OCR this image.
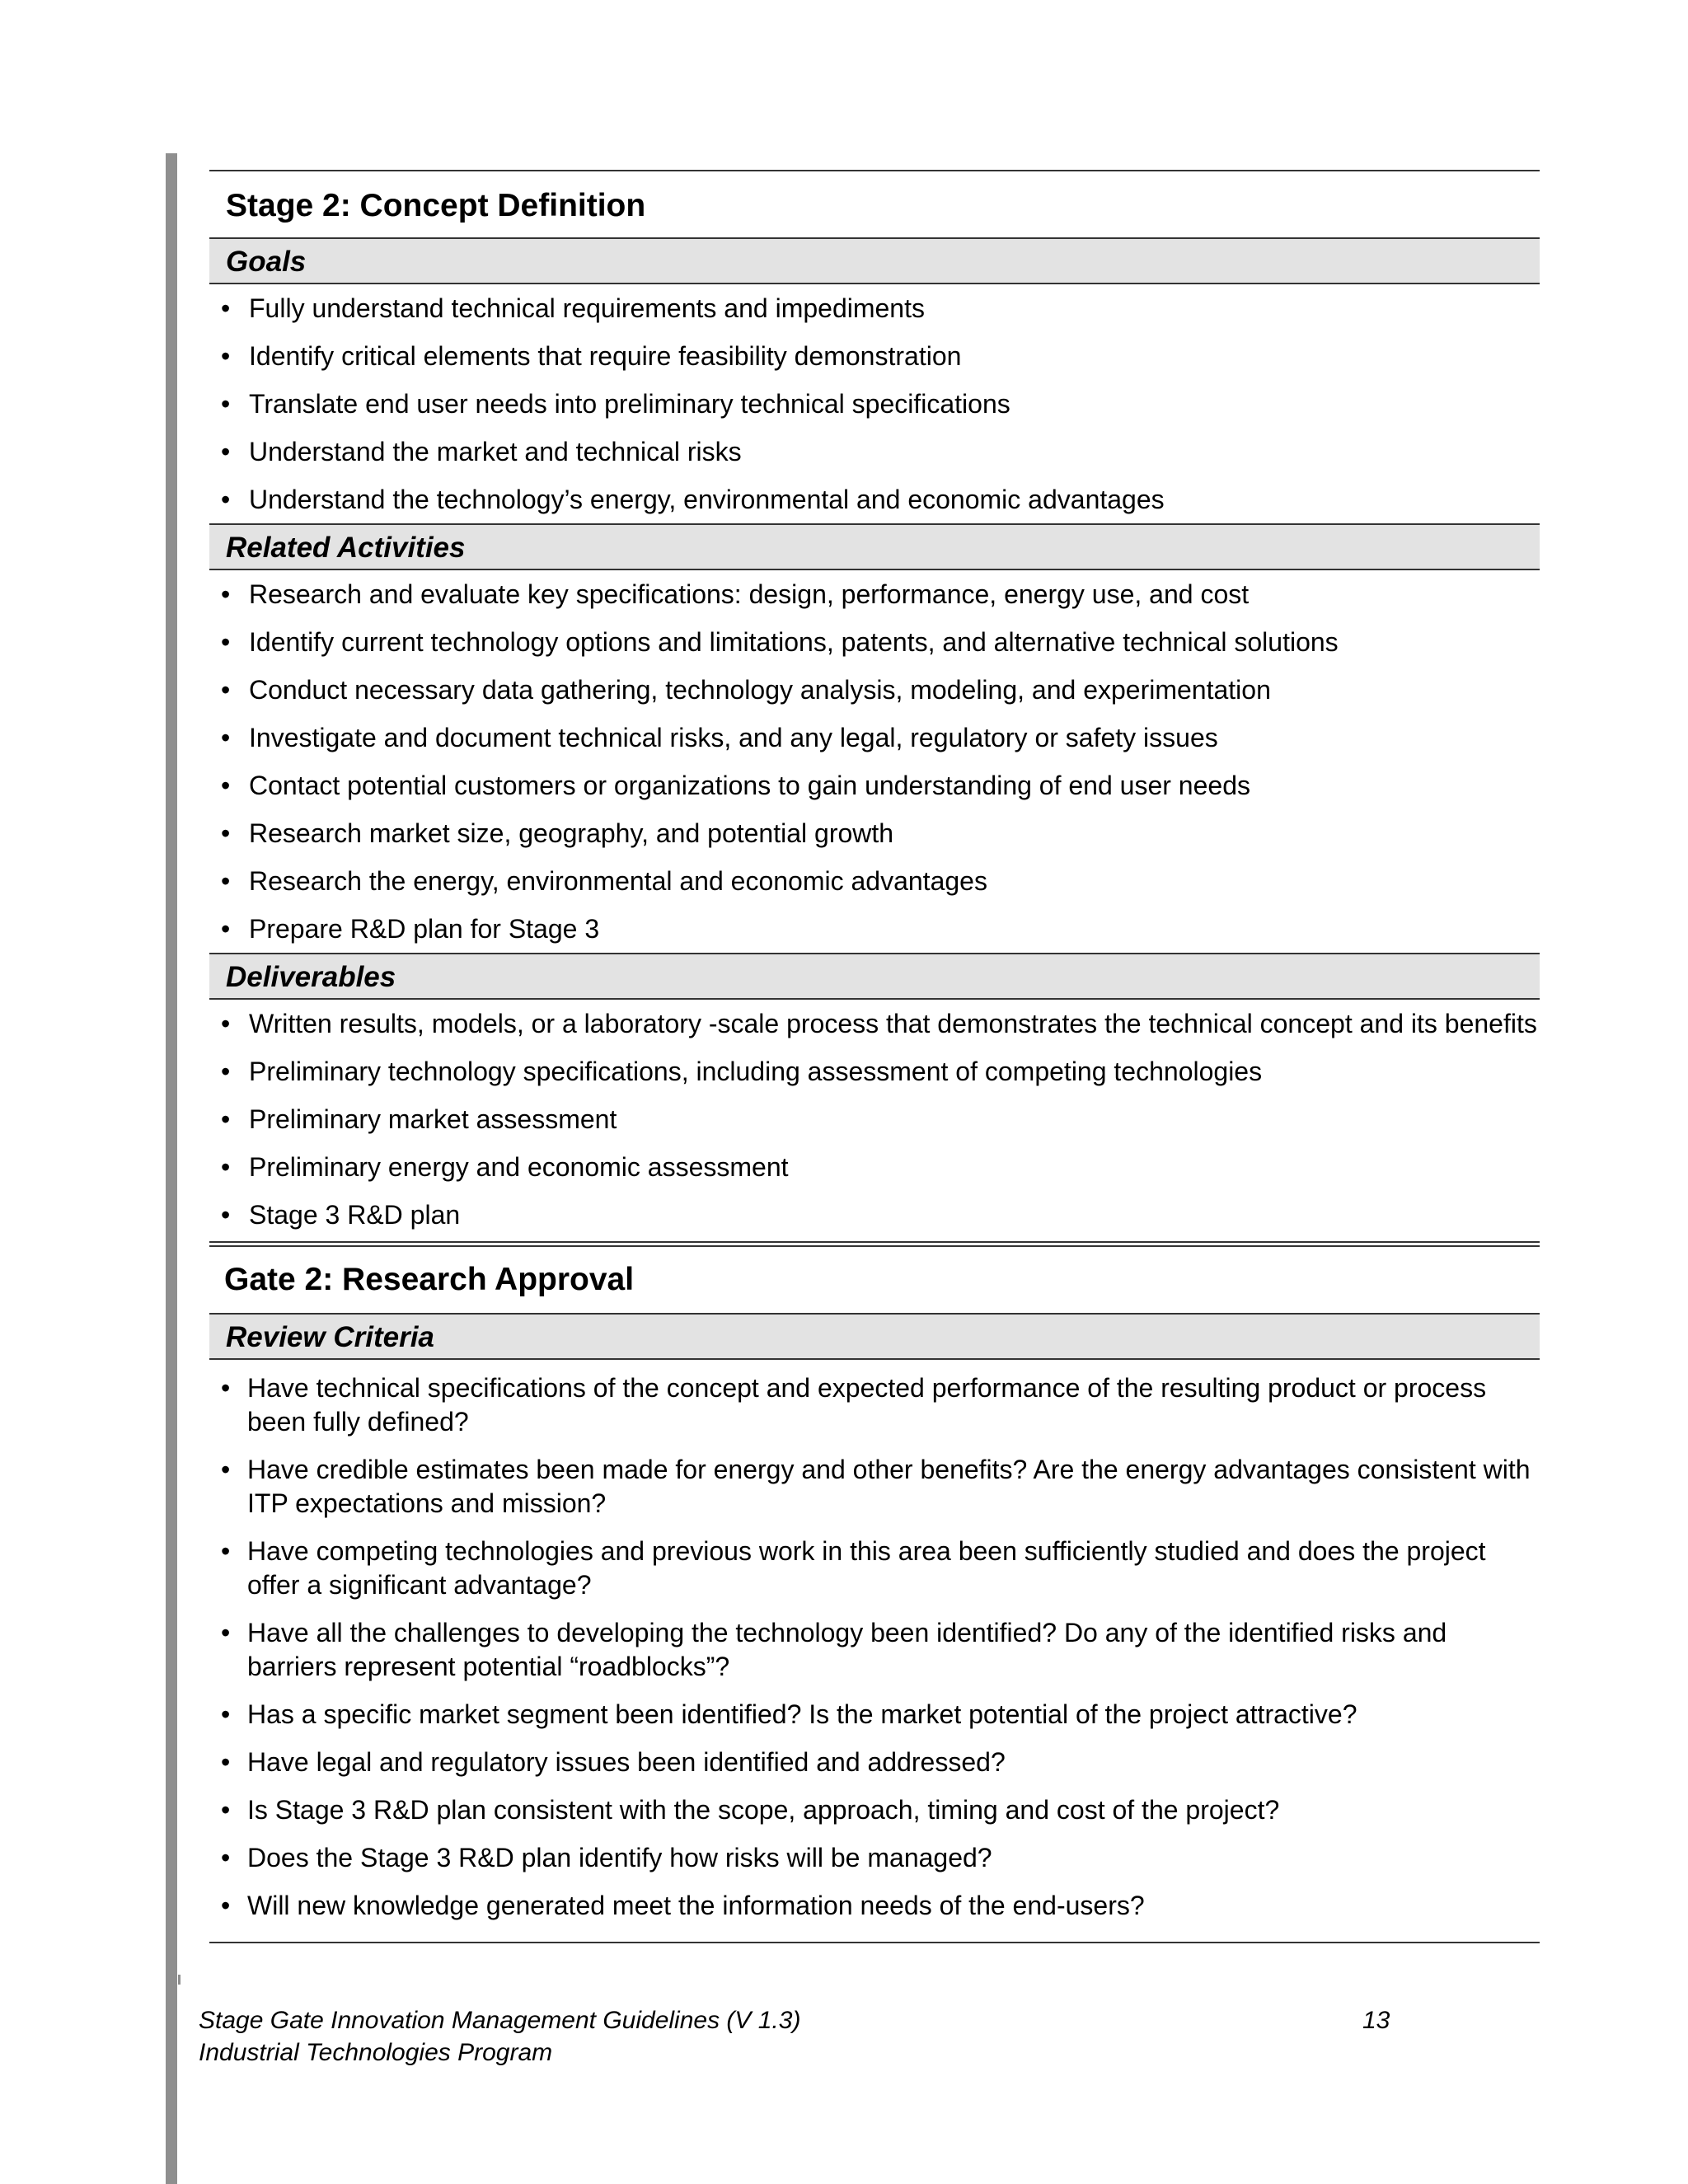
Stage 2: Concept Definition
Goals
• Fully understand technical requirements and impediments
• Identify critical elements that require feasibility demonstration
• Translate end user needs into preliminary technical specifications
• Understand the market and technical risks
• Understand the technology’s energy, environmental and economic advantages
Related Activities
• Research and evaluate key specifications: design, performance, energy use, and cost
• Identify current technology options and limitations, patents, and alternative technical solutions
• Conduct necessary data gathering, technology analysis, modeling, and experimentation
• Investigate and document technical risks, and any legal, regulatory or safety issues
• Contact potential customers or organizations to gain understanding of end user needs
• Research market size, geography, and potential growth
• Research the energy, environmental and economic advantages
• Prepare R&D plan for Stage 3
Deliverables
• Written results, models, or a laboratory -scale process that demonstrates the technical concept and its benefits
• Preliminary technology specifications, including assessment of competing technologies
• Preliminary market assessment
• Preliminary energy and economic assessment
• Stage 3 R&D plan
Gate 2: Research Approval
Review Criteria
• Have technical specifications of the concept and expected performance of the resulting product or process been fully defined?
• Have credible estimates been made for energy and other benefits? Are the energy advantages consistent with ITP expectations and mission?
• Have competing technologies and previous work in this area been sufficiently studied and does the project offer a significant advantage?
• Have all the challenges to developing the technology been identified? Do any of the identified risks and barriers represent potential “roadblocks”?
• Has a specific market segment been identified? Is the market potential of the project attractive?
• Have legal and regulatory issues been identified and addressed?
• Is Stage 3 R&D plan consistent with the scope, approach, timing and cost of the project?
• Does the Stage 3 R&D plan identify how risks will be managed?
• Will new knowledge generated meet the information needs of the end-users?
Stage Gate Innovation Management Guidelines (V 1.3)
Industrial Technologies Program
13
